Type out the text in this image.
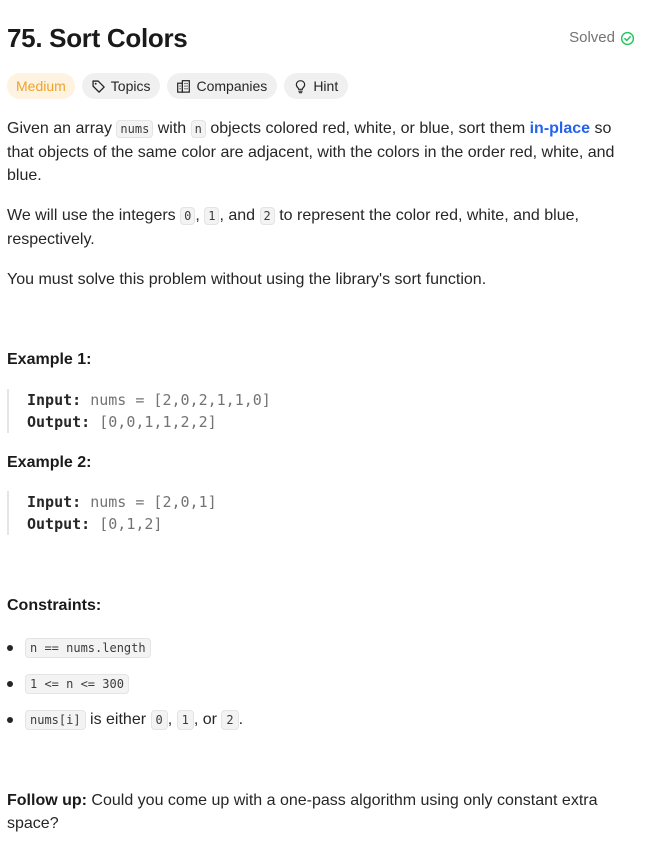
75. Sort Colors	Solved
Medium	Topics	Companies	Hint

Given an array nums with n objects colored red, white, or blue, sort them in-place so that objects of the same color are adjacent, with the colors in the order red, white, and blue.

We will use the integers 0 , 1 , and 2 to represent the color red, white, and blue, respectively.

You must solve this problem without using the library's sort function.

Example 1:
Input: nums = [2,0,2,1,1,0]
Output: [0,0,1,1,2,2]
Example 2:
Input: nums = [2,0,1]
Output: [0,1,2]
Constraints:
n == nums.length
1 <= n <= 300
nums[i] is either 0 , 1 , or 2 .
Follow up: Could you come up with a one-pass algorithm using only constant extra space?
